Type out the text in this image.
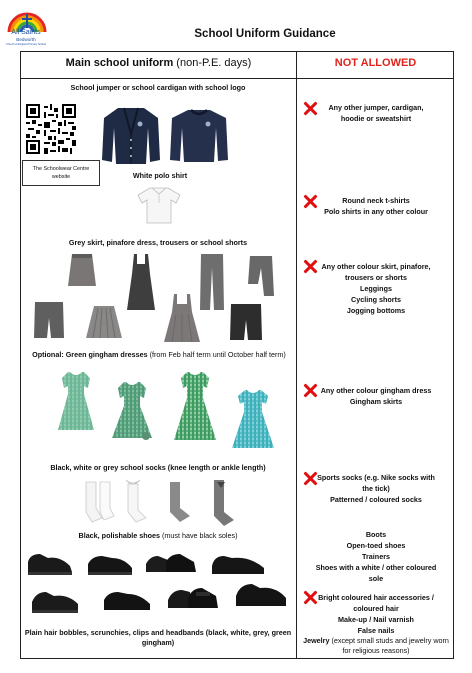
All Saints
Bedworth
Church of England Primary School
School Uniform Guidance
Main school uniform (non-P.E. days)	NOT ALLOWED
School jumper or school cardigan with school logo
The Schoolwear Centre website	White polo shirt
Grey skirt, pinafore dress, trousers or school shorts
Optional: Green gingham dresses (from Feb half term until October half term)
Black, white or grey school socks (knee length or ankle length)
Black, polishable shoes (must have black soles)
Plain hair bobbles, scrunchies, clips and headbands (black, white, grey, green gingham)
Any other jumper, cardigan,
hoodie or sweatshirt
Round neck t-shirts
Polo shirts in any other colour
Any other colour skirt, pinafore,
trousers or shorts
Leggings
Cycling shorts
Jogging bottoms
Any other colour gingham dress
Gingham skirts
Sports socks (e.g. Nike socks with
the tick)
Patterned / coloured socks
Boots
Open-toed shoes
Trainers
Shoes with a white / other coloured
sole
Bright coloured hair accessories /
coloured hair
Make-up / Nail varnish
False nails
Jewelry (except small studs and jewelry worn for religious reasons)
